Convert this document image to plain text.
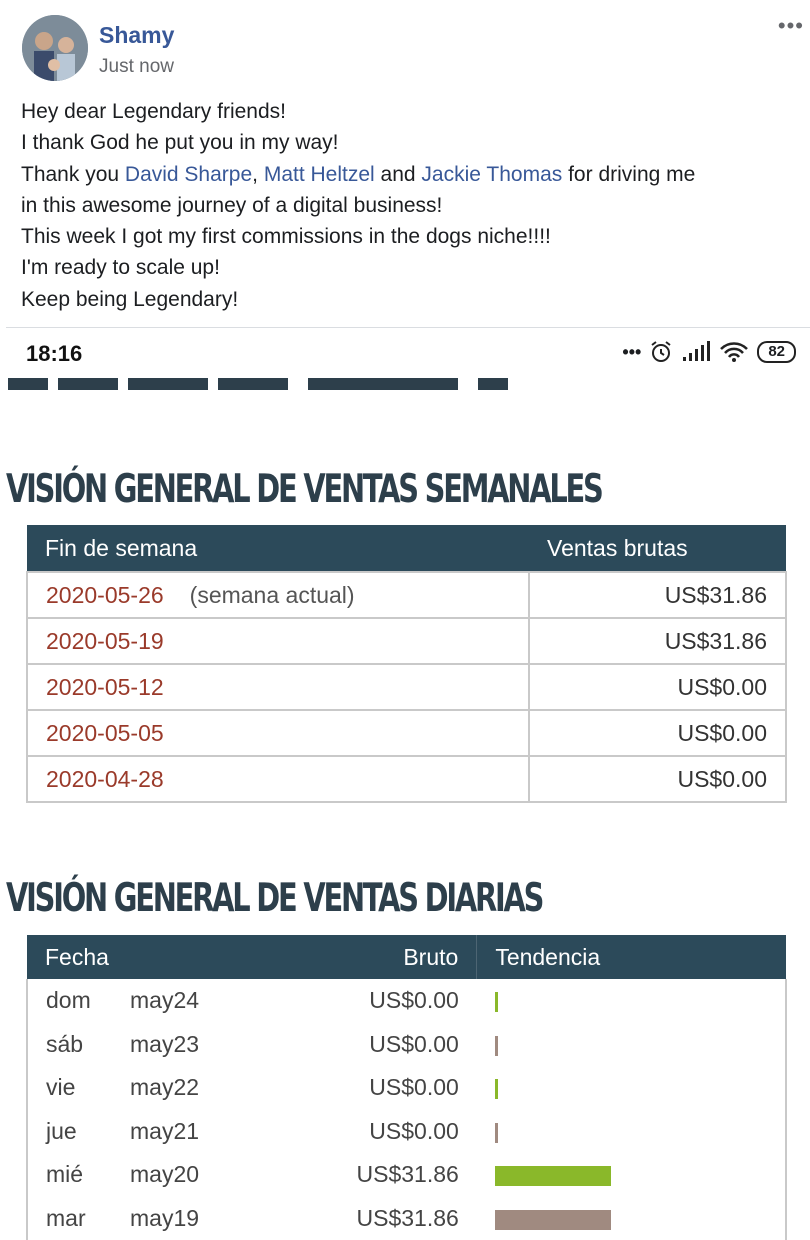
Shamy
Just now
•••
Hey dear Legendary friends!
I thank God he put you in my way!
Thank you David Sharpe, Matt Heltzel and Jackie Thomas for driving me
in this awesome journey of a digital business!
This week I got my first commissions in the dogs niche!!!!
I'm ready to scale up!
Keep being Legendary!
18:16	•••	82
VISIÓN GENERAL DE VENTAS SEMANALES
Fin de semana	Ventas brutas
2020-05-26 (semana actual)	US$31.86
2020-05-19	US$31.86
2020-05-12	US$0.00
2020-05-05	US$0.00
2020-04-28	US$0.00
VISIÓN GENERAL DE VENTAS DIARIAS
Fecha		Bruto	Tendencia
dom	may24	US$0.00	
sáb	may23	US$0.00	
vie	may22	US$0.00	
jue	may21	US$0.00	
mié	may20	US$31.86	
mar	may19	US$31.86	
